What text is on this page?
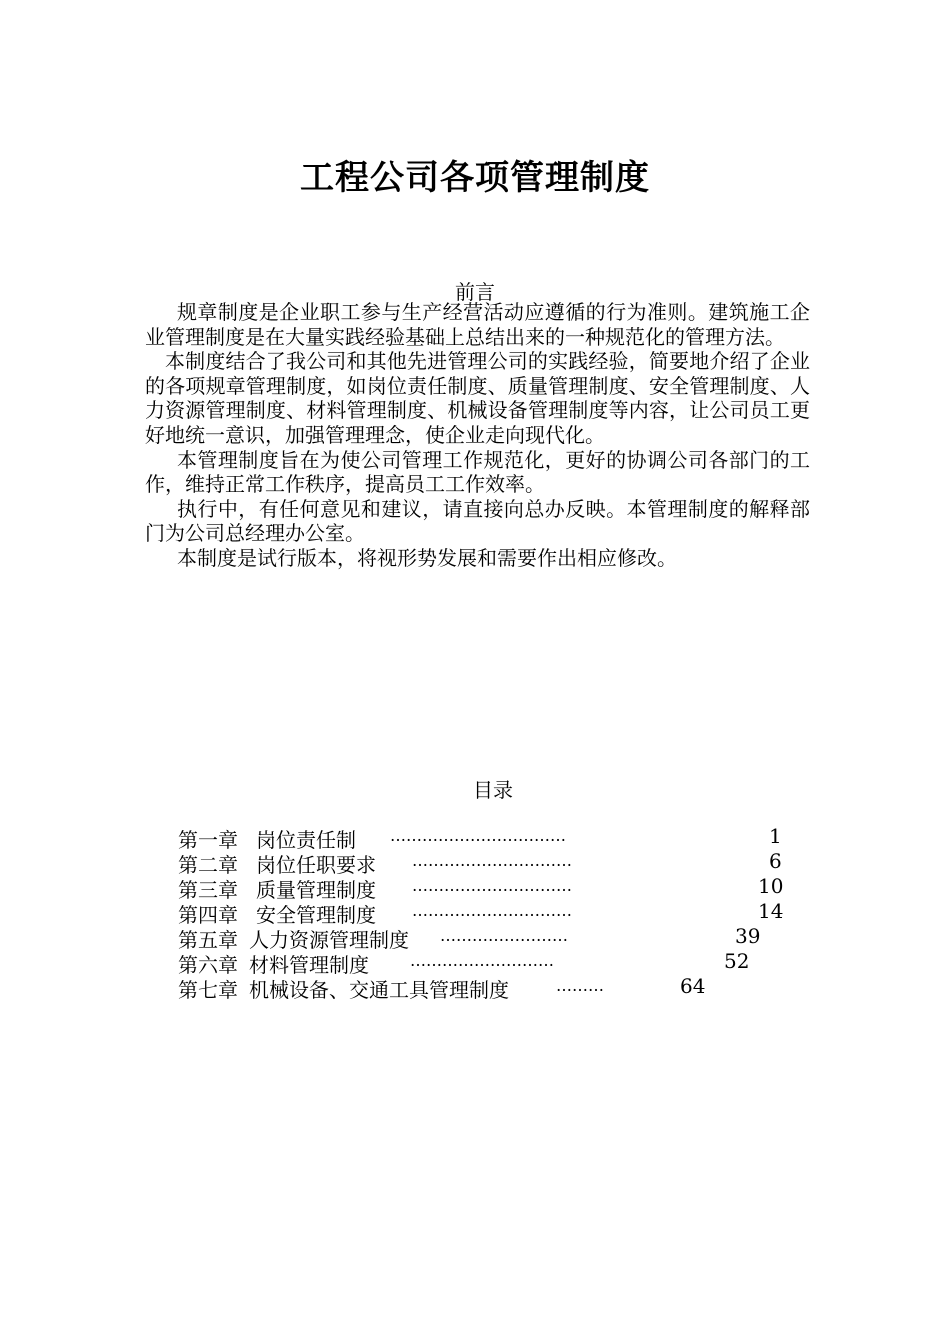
工程公司各项管理制度
前言

规章制度是企业职工参与生产经营活动应遵循的行为准则。建筑施工企业管理制度是在大量实践经验基础上总结出来的一种规范化的管理方法。

本制度结合了我公司和其他先进管理公司的实践经验，简要地介绍了企业的各项规章管理制度，如岗位责任制度、质量管理制度、安全管理制度、人力资源管理制度、材料管理制度、机械设备管理制度等内容，让公司员工更好地统一意识，加强管理理念，使企业走向现代化。

本管理制度旨在为使公司管理工作规范化，更好的协调公司各部门的工作，维持正常工作秩序，提高员工工作效率。

执行中，有任何意见和建议，请直接向总办反映。本管理制度的解释部门为公司总经理办公室。

本制度是试行版本，将视形势发展和需要作出相应修改。

目录
第一章 岗位责任制 ……………………………	1
第二章 岗位任职要求 …………………………	6
第三章 质量管理制度 …………………………	10
第四章 安全管理制度 …………………………	14
第五章 人力资源管理制度 ……………………	39
第六章 材料管理制度	………………………	52
第七章 机械设备、交通工具管理制度	………	64
